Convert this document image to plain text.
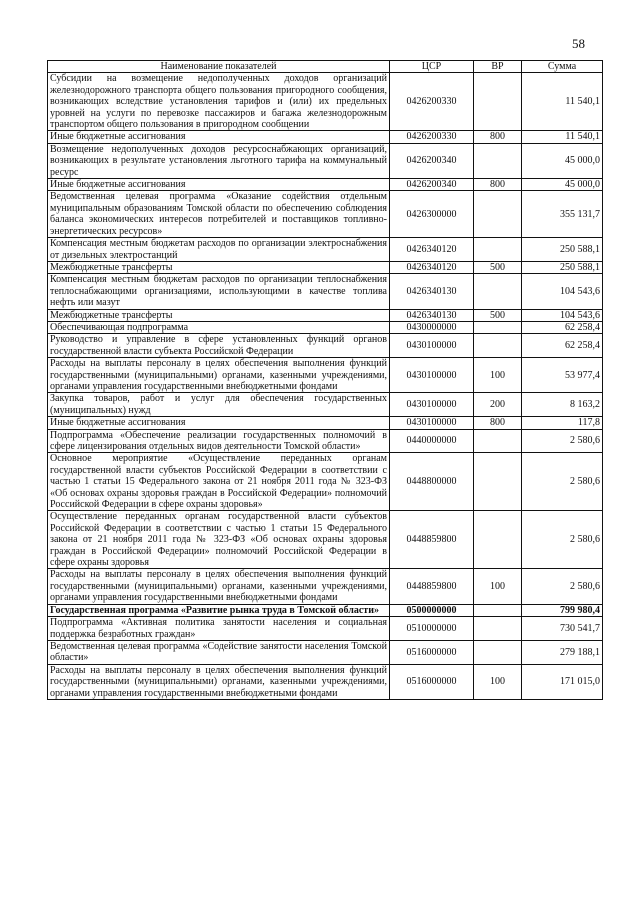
58
Наименование показателей	ЦСР	ВР	Сумма
Субсидии на возмещение недополученных доходов организаций железнодорожного транспорта общего пользования пригородного сообщения, возникающих вследствие установления тарифов и (или) их предельных уровней на услуги по перевозке пассажиров и багажа железнодорожным транспортом общего пользования в пригородном сообщении	0426200330		11 540,1
Иные бюджетные ассигнования	0426200330	800	11 540,1
Возмещение недополученных доходов ресурсоснабжающих организаций, возникающих в результате установления льготного тарифа на коммунальный ресурс	0426200340		45 000,0
Иные бюджетные ассигнования	0426200340	800	45 000,0
Ведомственная целевая программа «Оказание содействия отдельным муниципальным образованиям Томской области по обеспечению соблюдения баланса экономических интересов потребителей и поставщиков топливно-энергетических ресурсов»	0426300000		355 131,7
Компенсация местным бюджетам расходов по организации электроснабжения от дизельных электростанций	0426340120		250 588,1
Межбюджетные трансферты	0426340120	500	250 588,1
Компенсация местным бюджетам расходов по организации теплоснабжения теплоснабжающими организациями, использующими в качестве топлива нефть или мазут	0426340130		104 543,6
Межбюджетные трансферты	0426340130	500	104 543,6
Обеспечивающая подпрограмма	0430000000		62 258,4
Руководство и управление в сфере установленных функций органов государственной власти субъекта Российской Федерации	0430100000		62 258,4
Расходы на выплаты персоналу в целях обеспечения выполнения функций государственными (муниципальными) органами, казенными учреждениями, органами управления государственными внебюджетными фондами	0430100000	100	53 977,4
Закупка товаров, работ и услуг для обеспечения государственных (муниципальных) нужд	0430100000	200	8 163,2
Иные бюджетные ассигнования	0430100000	800	117,8
Подпрограмма «Обеспечение реализации государственных полномочий в сфере лицензирования отдельных видов деятельности Томской области»	0440000000		2 580,6
Основное мероприятие «Осуществление переданных органам государственной власти субъектов Российской Федерации в соответствии с частью 1 статьи 15 Федерального закона от 21 ноября 2011 года № 323-ФЗ «Об основах охраны здоровья граждан в Российской Федерации» полномочий Российской Федерации в сфере охраны здоровья»	0448800000		2 580,6
Осуществление переданных органам государственной власти субъектов Российской Федерации в соответствии с частью 1 статьи 15 Федерального закона от 21 ноября 2011 года № 323-ФЗ «Об основах охраны здоровья граждан в Российской Федерации» полномочий Российской Федерации в сфере охраны здоровья	0448859800		2 580,6
Расходы на выплаты персоналу в целях обеспечения выполнения функций государственными (муниципальными) органами, казенными учреждениями, органами управления государственными внебюджетными фондами	0448859800	100	2 580,6
Государственная программа «Развитие рынка труда в Томской области»	0500000000		799 980,4
Подпрограмма «Активная политика занятости населения и социальная поддержка безработных граждан»	0510000000		730 541,7
Ведомственная целевая программа «Содействие занятости населения Томской области»	0516000000		279 188,1
Расходы на выплаты персоналу в целях обеспечения выполнения функций государственными (муниципальными) органами, казенными учреждениями, органами управления государственными внебюджетными фондами	0516000000	100	171 015,0
